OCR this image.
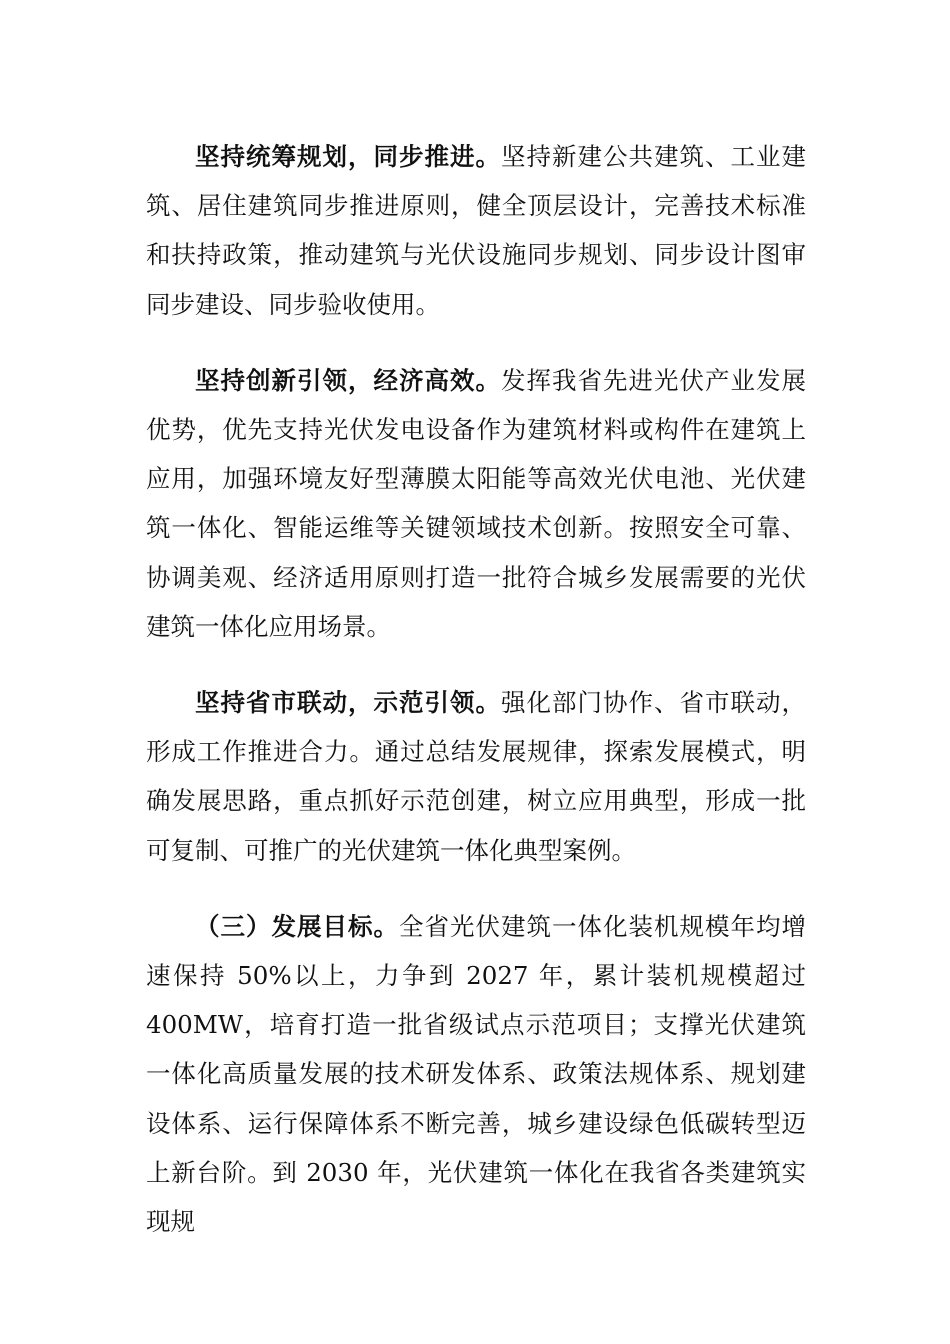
坚持统筹规划，同步推进。坚持新建公共建筑、工业建筑、居住建筑同步推进原则，健全顶层设计，完善技术标准和扶持政策，推动建筑与光伏设施同步规划、同步设计图审同步建设、同步验收使用。

坚持创新引领，经济高效。发挥我省先进光伏产业发展优势，优先支持光伏发电设备作为建筑材料或构件在建筑上应用，加强环境友好型薄膜太阳能等高效光伏电池、光伏建筑一体化、智能运维等关键领域技术创新。按照安全可靠、协调美观、经济适用原则打造一批符合城乡发展需要的光伏建筑一体化应用场景。

坚持省市联动，示范引领。强化部门协作、省市联动，形成工作推进合力。通过总结发展规律，探索发展模式，明确发展思路，重点抓好示范创建，树立应用典型，形成一批可复制、可推广的光伏建筑一体化典型案例。

（三）发展目标。全省光伏建筑一体化装机规模年均增速保持 50%以上，力争到 2027 年，累计装机规模超过400MW，培育打造一批省级试点示范项目；支撑光伏建筑一体化高质量发展的技术研发体系、政策法规体系、规划建设体系、运行保障体系不断完善，城乡建设绿色低碳转型迈上新台阶。到 2030 年，光伏建筑一体化在我省各类建筑实现规
